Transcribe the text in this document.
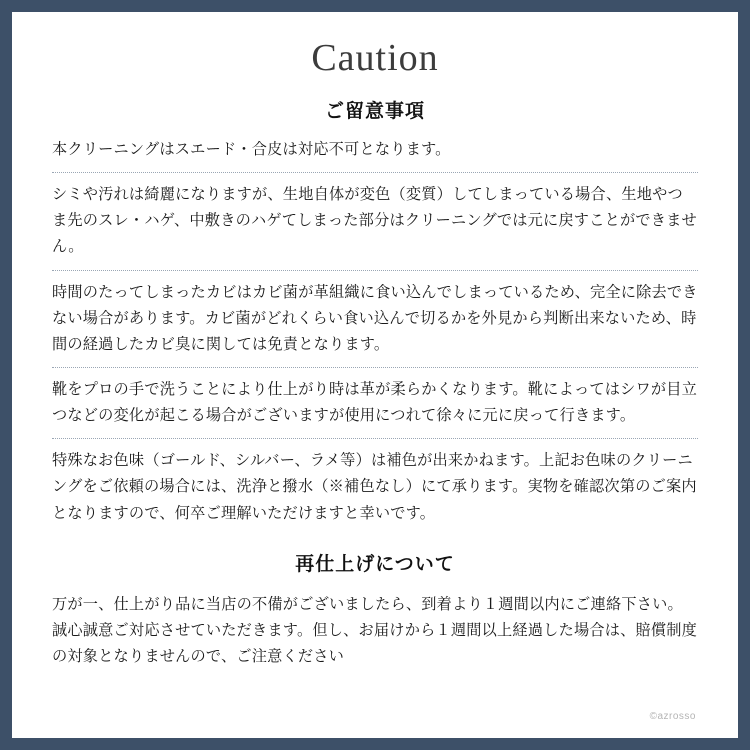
Caution
ご留意事項

本クリーニングはスエード・合皮は対応不可となります。

シミや汚れは綺麗になりますが、生地自体が変色（変質）してしまっている場合、生地やつま先のスレ・ハゲ、中敷きのハゲてしまった部分はクリーニングでは元に戻すことができません。

時間のたってしまったカビはカビ菌が革組織に食い込んでしまっているため、完全に除去できない場合があります。カビ菌がどれくらい食い込んで切るかを外見から判断出来ないため、時間の経過したカビ臭に関しては免責となります。

靴をプロの手で洗うことにより仕上がり時は革が柔らかくなります。靴によってはシワが目立つなどの変化が起こる場合がございますが使用につれて徐々に元に戻って行きます。

特殊なお色味（ゴールド、シルバー、ラメ等）は補色が出来かねます。上記お色味のクリーニングをご依頼の場合には、洗浄と撥水（※補色なし）にて承ります。実物を確認次第のご案内となりますので、何卒ご理解いただけますと幸いです。

再仕上げについて

万が一、仕上がり品に当店の不備がございましたら、到着より１週間以内にご連絡下さい。誠心誠意ご対応させていただきます。但し、お届けから１週間以上経過した場合は、賠償制度の対象となりませんので、ご注意ください

©azrosso
